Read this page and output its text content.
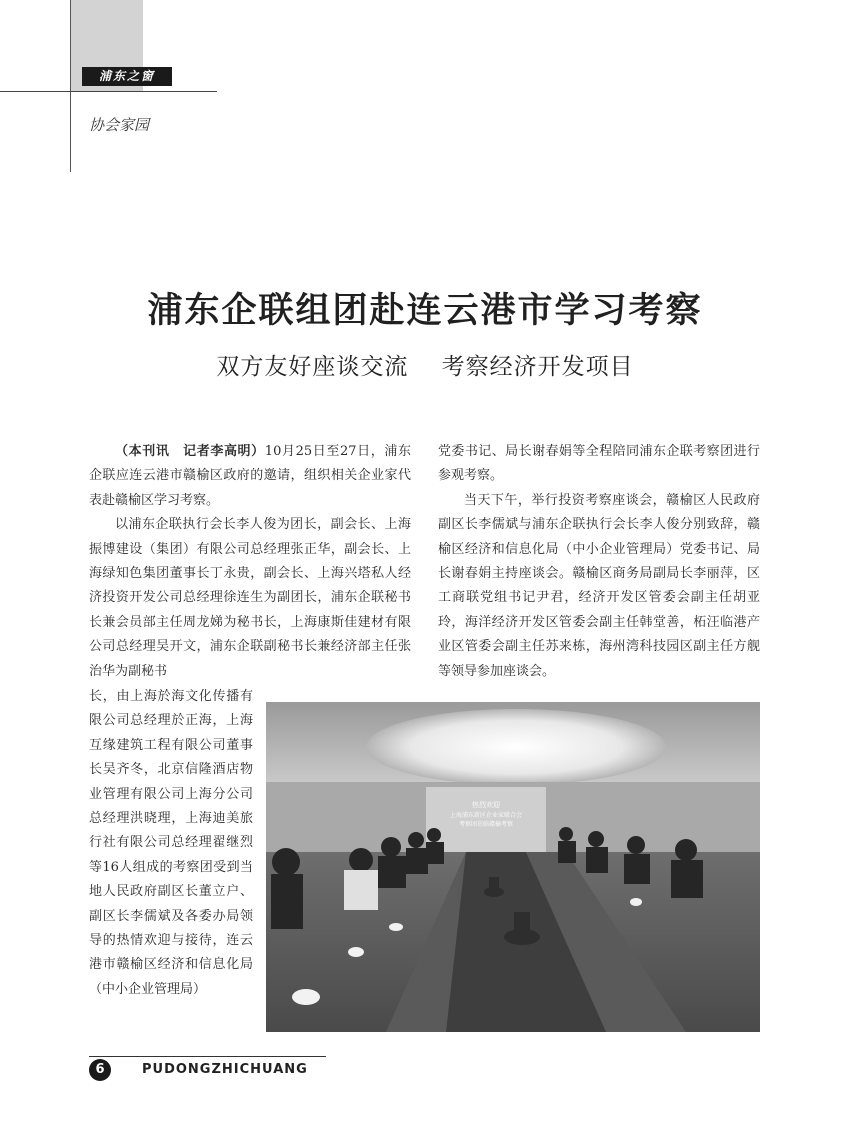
浦东之窗
协会家园
浦东企联组团赴连云港市学习考察
双方友好座谈交流    考察经济开发项目

（本刊讯　记者李高明）10月25日至27日，浦东企联应连云港市赣榆区政府的邀请，组织相关企业家代表赴赣榆区学习考察。

以浦东企联执行会长李人俊为团长，副会长、上海振博建设（集团）有限公司总经理张正华，副会长、上海绿知色集团董事长丁永贵，副会长、上海兴塔私人经济投资开发公司总经理徐连生为副团长，浦东企联秘书长兼会员部主任周龙娣为秘书长，上海康斯佳建材有限公司总经理吴开文，浦东企联副秘书长兼经济部主任张治华为副秘书

长，由上海於海文化传播有限公司总经理於正海，上海互缘建筑工程有限公司董事长吴齐冬，北京信隆酒店物业管理有限公司上海分公司总经理洪晓理，上海迪美旅行社有限公司总经理翟继烈等16人组成的考察团受到当地人民政府副区长董立户、副区长李儒斌及各委办局领导的热情欢迎与接待，连云港市赣榆区经济和信息化局（中小企业管理局）

党委书记、局长谢春娟等全程陪同浦东企联考察团进行参观考察。

当天下午，举行投资考察座谈会，赣榆区人民政府副区长李儒斌与浦东企联执行会长李人俊分别致辞，赣榆区经济和信息化局（中小企业管理局）党委书记、局长谢春娟主持座谈会。赣榆区商务局副局长李丽萍，区工商联党组书记尹君，经济开发区管委会副主任胡亚玲，海洋经济开发区管委会副主任韩堂善，柘汪临港产业区管委会副主任苏来栋，海州湾科技园区副主任方舰等领导参加座谈会。

热烈欢迎
上海浦东新区企业家联合会
考察团莅临赣榆考察
6	PUDONGZHICHUANG
